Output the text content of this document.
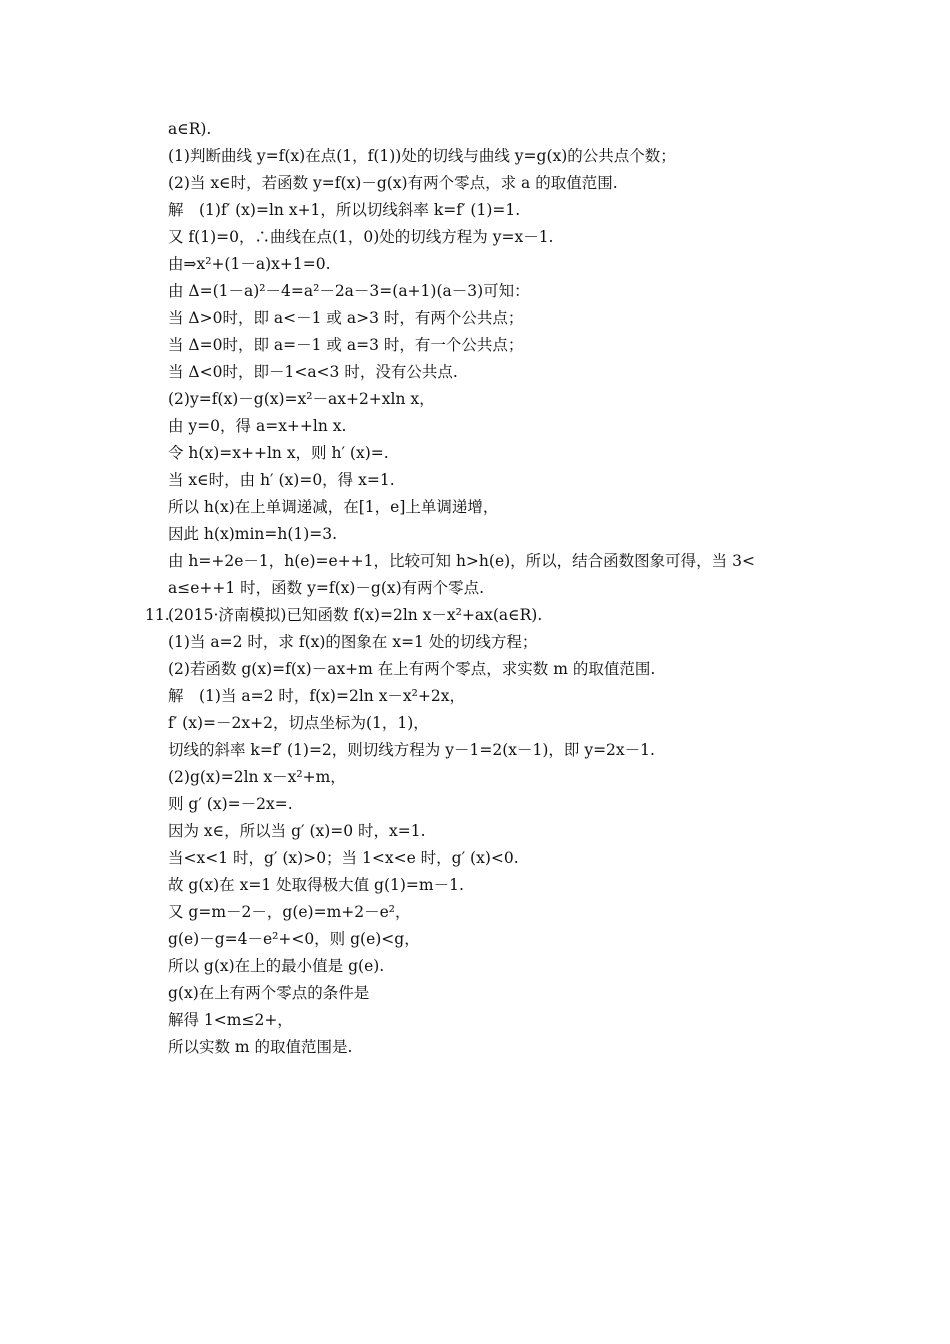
a∈R).
(1)判断曲线 y=f(x)在点(1，f(1))处的切线与曲线 y=g(x)的公共点个数；
(2)当 x∈时，若函数 y=f(x)－g(x)有两个零点，求 a 的取值范围.
解　(1)f′ (x)=ln x+1，所以切线斜率 k=f′ (1)=1.
又 f(1)=0，∴曲线在点(1，0)处的切线方程为 y=x－1.
由⇒x²+(1－a)x+1=0.
由 Δ=(1－a)²－4=a²－2a－3=(a+1)(a－3)可知：
当 Δ>0时，即 a<－1 或 a>3 时，有两个公共点；
当 Δ=0时，即 a=－1 或 a=3 时，有一个公共点；
当 Δ<0时，即－1<a<3 时，没有公共点.
(2)y=f(x)－g(x)=x²－ax+2+xln x，
由 y=0，得 a=x++ln x.
令 h(x)=x++ln x，则 h′ (x)=.
当 x∈时，由 h′ (x)=0，得 x=1.
所以 h(x)在上单调递减，在[1，e]上单调递增，
因此 h(x)min=h(1)=3.
由 h=+2e－1，h(e)=e++1，比较可知 h>h(e)，所以，结合函数图象可得，当 3<
a≤e++1 时，函数 y=f(x)－g(x)有两个零点.
11.(2015·济南模拟)已知函数 f(x)=2ln x－x²+ax(a∈R).
(1)当 a=2 时，求 f(x)的图象在 x=1 处的切线方程；
(2)若函数 g(x)=f(x)－ax+m 在上有两个零点，求实数 m 的取值范围.
解　(1)当 a=2 时，f(x)=2ln x－x²+2x，
f′ (x)=－2x+2，切点坐标为(1，1)，
切线的斜率 k=f′ (1)=2，则切线方程为 y－1=2(x－1)，即 y=2x－1.
(2)g(x)=2ln x－x²+m，
则 g′ (x)=－2x=.
因为 x∈，所以当 g′ (x)=0 时，x=1.
当<x<1 时，g′ (x)>0；当 1<x<e 时，g′ (x)<0.
故 g(x)在 x=1 处取得极大值 g(1)=m－1.
又 g=m－2－，g(e)=m+2－e²，
g(e)－g=4－e²+<0，则 g(e)<g，
所以 g(x)在上的最小值是 g(e).
g(x)在上有两个零点的条件是
解得 1<m≤2+，
所以实数 m 的取值范围是.
